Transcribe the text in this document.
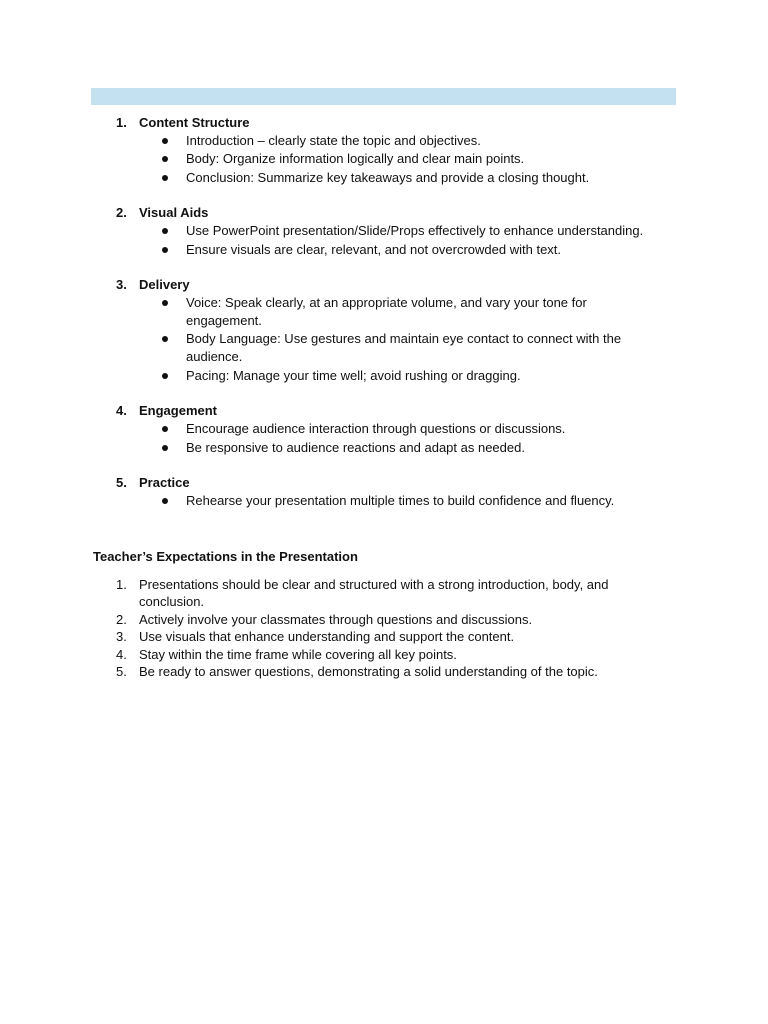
1. Content Structure
Introduction – clearly state the topic and objectives.
Body: Organize information logically and clear main points.
Conclusion: Summarize key takeaways and provide a closing thought.
2. Visual Aids
Use PowerPoint presentation/Slide/Props effectively to enhance understanding.
Ensure visuals are clear, relevant, and not overcrowded with text.
3. Delivery
Voice: Speak clearly, at an appropriate volume, and vary your tone for engagement.
Body Language: Use gestures and maintain eye contact to connect with the audience.
Pacing: Manage your time well; avoid rushing or dragging.
4. Engagement
Encourage audience interaction through questions or discussions.
Be responsive to audience reactions and adapt as needed.
5. Practice
Rehearse your presentation multiple times to build confidence and fluency.
Teacher’s Expectations in the Presentation
1. Presentations should be clear and structured with a strong introduction, body, and conclusion.
2. Actively involve your classmates through questions and discussions.
3. Use visuals that enhance understanding and support the content.
4. Stay within the time frame while covering all key points.
5. Be ready to answer questions, demonstrating a solid understanding of the topic.
